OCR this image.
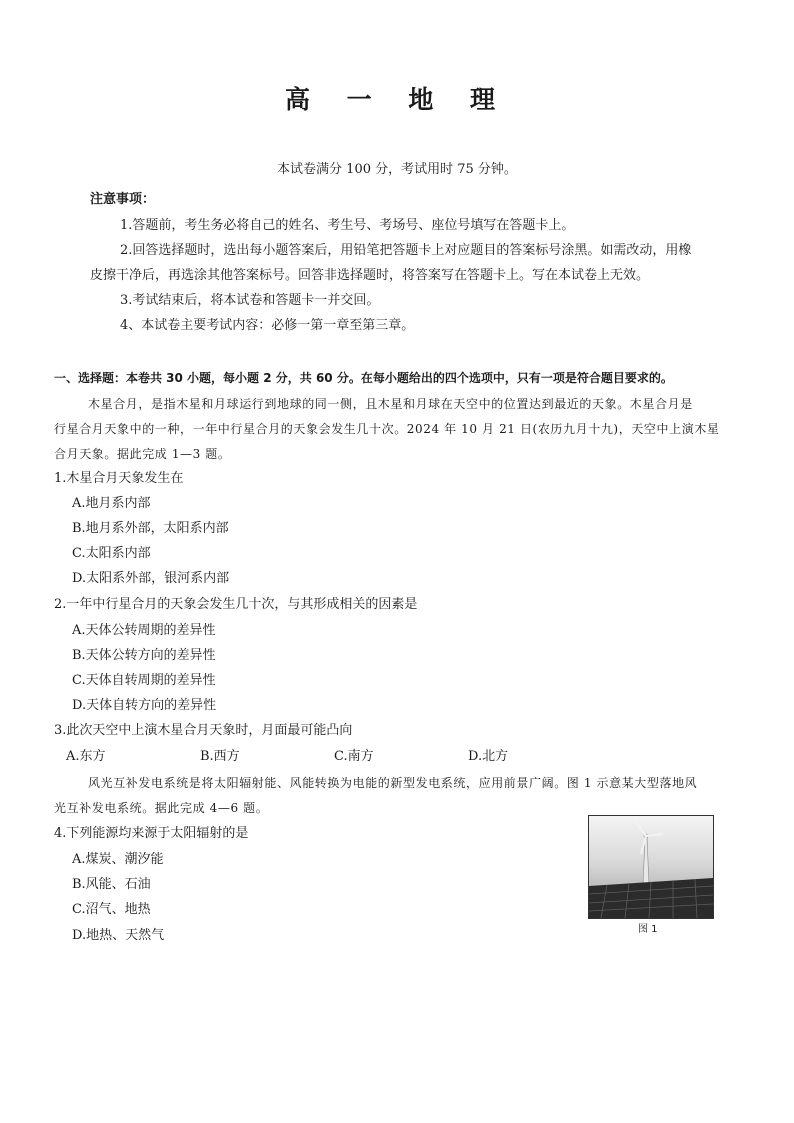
高 一 地 理
本试卷满分 100 分，考试用时 75 分钟。
注意事项：
1.答题前，考生务必将自己的姓名、考生号、考场号、座位号填写在答题卡上。
2.回答选择题时，选出每小题答案后，用铅笔把答题卡上对应题目的答案标号涂黑。如需改动，用橡
皮擦干净后，再选涂其他答案标号。回答非选择题时，将答案写在答题卡上。写在本试卷上无效。
3.考试结束后，将本试卷和答题卡一并交回。
4、本试卷主要考试内容：必修一第一章至第三章。
一、选择题：本卷共 30 小题，每小题 2 分，共 60 分。在每小题给出的四个选项中，只有一项是符合题目要求的。
木星合月，是指木星和月球运行到地球的同一侧，且木星和月球在天空中的位置达到最近的天象。木星合月是
行星合月天象中的一种，一年中行星合月的天象会发生几十次。2024 年 10 月 21 日(农历九月十九)，天空中上演木星
合月天象。据此完成 1—3 题。
1.木星合月天象发生在
A.地月系内部
B.地月系外部，太阳系内部
C.太阳系内部
D.太阳系外部，银河系内部
2.一年中行星合月的天象会发生几十次，与其形成相关的因素是
A.天体公转周期的差异性
B.天体公转方向的差异性
C.天体自转周期的差异性
D.天体自转方向的差异性
3.此次天空中上演木星合月天象时，月面最可能凸向
A.东方	B.西方	C.南方	D.北方
风光互补发电系统是将太阳辐射能、风能转换为电能的新型发电系统，应用前景广阔。图 1 示意某大型落地风
光互补发电系统。据此完成 4—6 题。
4.下列能源均来源于太阳辐射的是
A.煤炭、潮汐能
B.风能、石油
C.沼气、地热
D.地热、天然气	图 1
